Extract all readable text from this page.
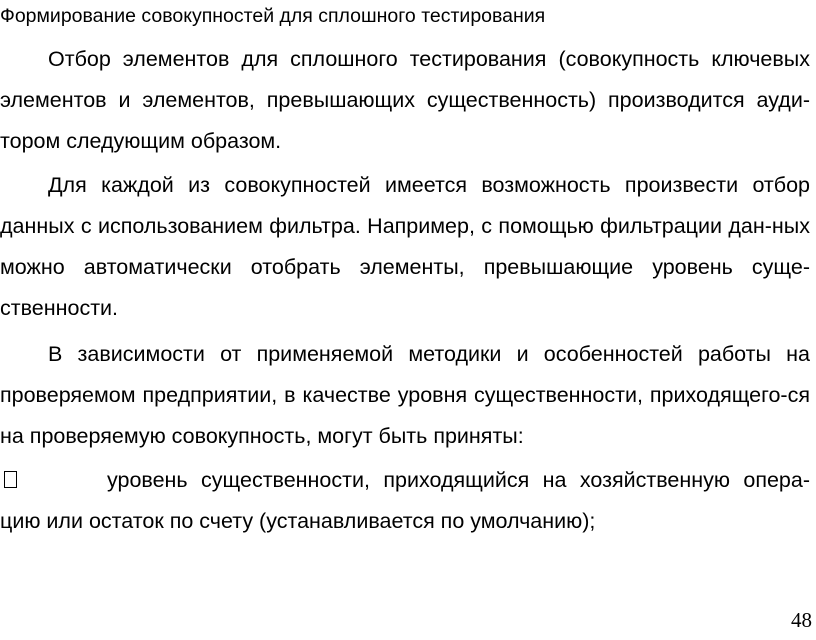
Формирование совокупностей для сплошного тестирования

Отбор элементов для сплошного тестирования (совокупность ключевых элементов и элементов, превышающих существенность) производится ауди-тором следующим образом.

Для каждой из совокупностей имеется возможность произвести отбор данных с использованием фильтра. Например, с помощью фильтрации дан-ных можно автоматически отобрать элементы, превышающие уровень суще-ственности.

В зависимости от применяемой методики и особенностей работы на проверяемом предприятии, в качестве уровня существенности, приходящего-ся на проверяемую совокупность, могут быть приняты:

уровень существенности, приходящийся на хозяйственную опера-цию или остаток по счету (устанавливается по умолчанию);

48
